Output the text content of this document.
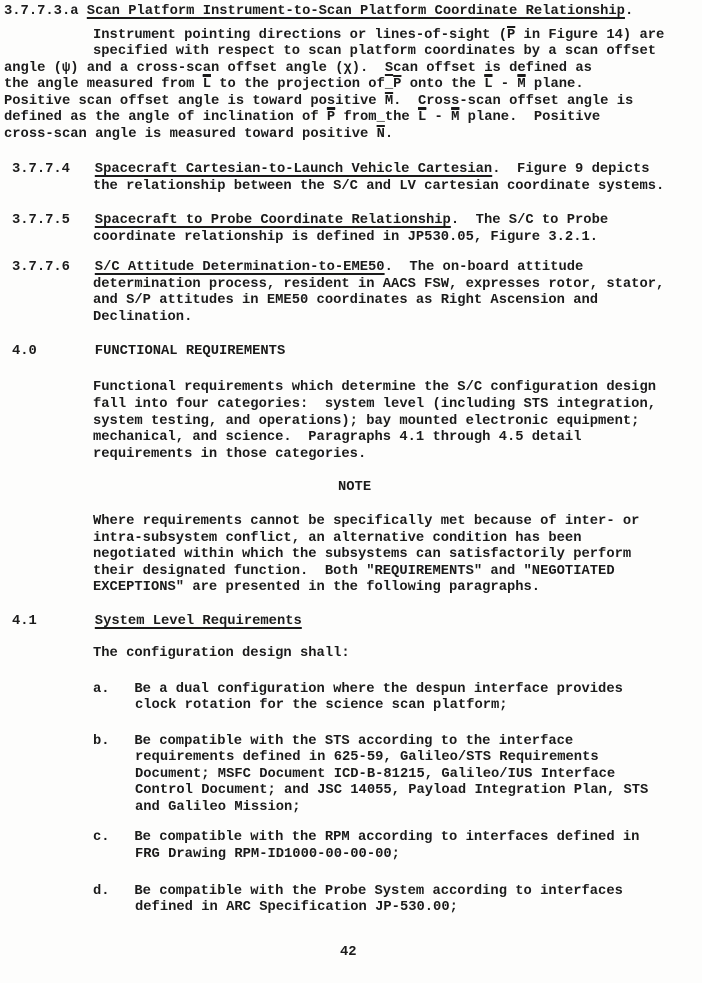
3.7.7.3.a Scan Platform Instrument-to-Scan Platform Coordinate Relationship.
Instrument pointing directions or lines-of-sight ($\overline{P}$ in Figure 14) are
specified with respect to scan platform coordinates by a scan offset
angle (ψ) and a cross-scan offset angle (χ).  Scan offset is defined as
the angle measured from $\overline{L}$ to the projection $of\_\overline{P}$ onto the $\overline{L} - \overline{M}$ plane.
Positive scan offset angle is toward positive $\overline{M}$.  Cross-scan offset angle is
defined as the angle of inclination of $\overline{P}$ from_the $\overline{L} - \overline{M}$ plane.  Positive
cross-scan angle is measured toward positive $\overline{N}$.
3.7.7.4   Spacecraft Cartesian-to-Launch Vehicle Cartesian.  Figure 9 depicts
the relationship between the S/C and LV cartesian coordinate systems.
3.7.7.5   Spacecraft to Probe Coordinate Relationship.  The S/C to Probe
coordinate relationship is defined in JP530.05, Figure 3.2.1.
3.7.7.6   S/C Attitude Determination-to-EME50.  The on-board attitude
determination process, resident in AACS FSW, expresses rotor, stator,
and S/P attitudes in EME50 coordinates as Right Ascension and
Declination.
4.0       FUNCTIONAL REQUIREMENTS
Functional requirements which determine the S/C configuration design
fall into four categories:  system level (including STS integration,
system testing, and operations); bay mounted electronic equipment;
mechanical, and science.  Paragraphs 4.1 through 4.5 detail
requirements in those categories.
NOTE
Where requirements cannot be specifically met because of inter- or
intra-subsystem conflict, an alternative condition has been
negotiated within which the subsystems can satisfactorily perform
their designated function.  Both "REQUIREMENTS" and "NEGOTIATED
EXCEPTIONS" are presented in the following paragraphs.
4.1       System Level Requirements
The configuration design shall:
a.   Be a dual configuration where the despun interface provides
clock rotation for the science scan platform;
b.   Be compatible with the STS according to the interface
requirements defined in 625-59, Galileo/STS Requirements
Document; MSFC Document ICD-B-81215, Galileo/IUS Interface
Control Document; and JSC 14055, Payload Integration Plan, STS
and Galileo Mission;
c.   Be compatible with the RPM according to interfaces defined in
FRG Drawing RPM-ID1000-00-00-00;
d.   Be compatible with the Probe System according to interfaces
defined in ARC Specification JP-530.00;
42
